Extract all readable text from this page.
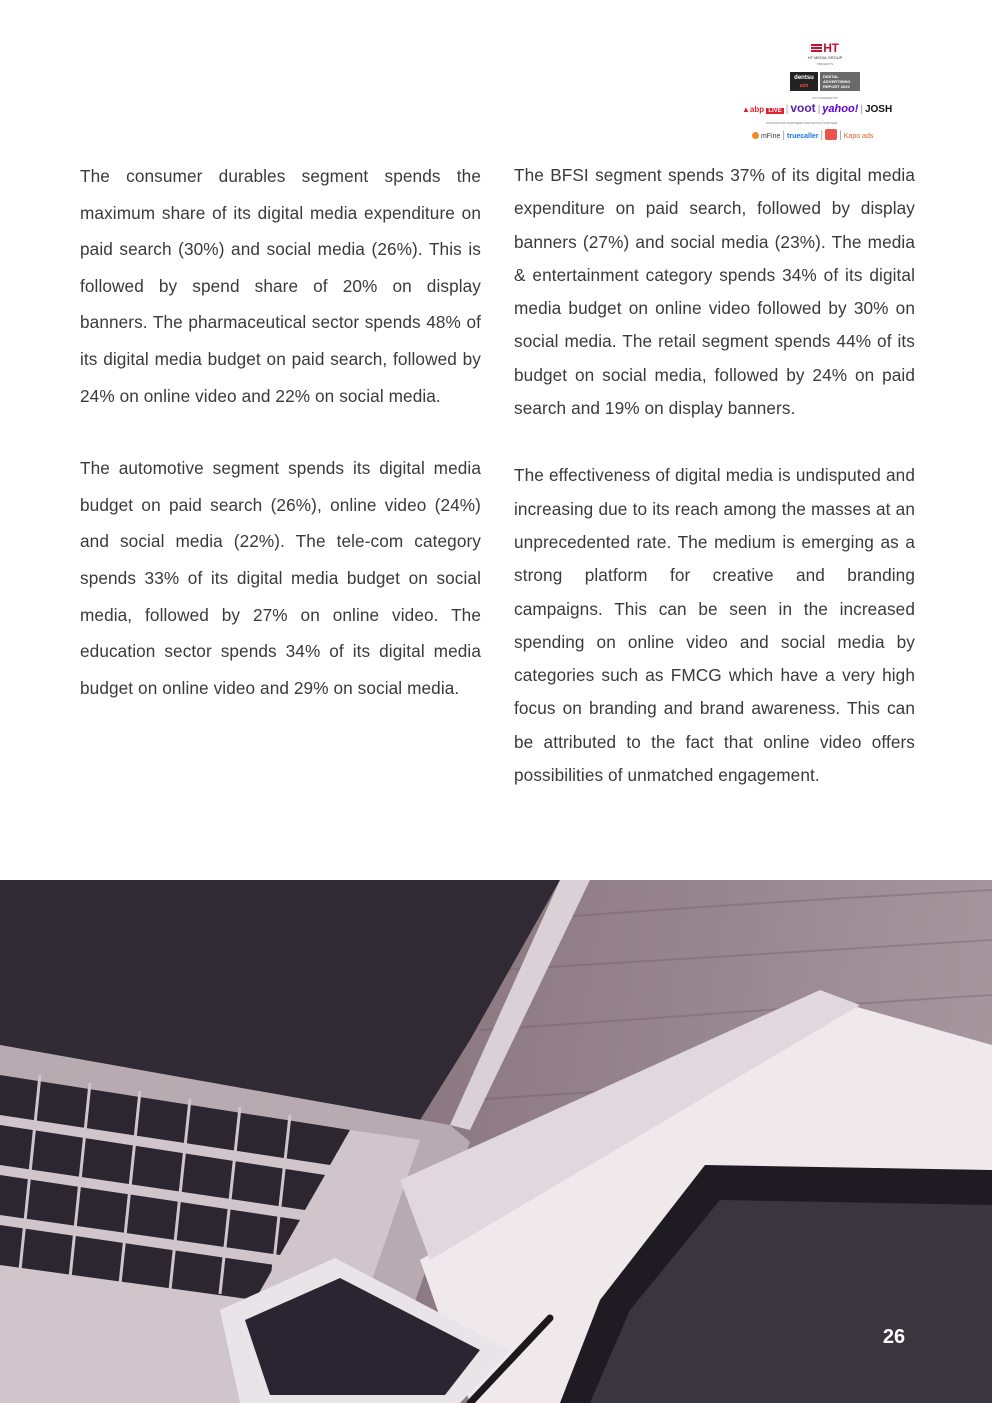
HT
HT MEDIA GROUP
PRESENTS
dentsu
aim
DIGITAL ADVERTISING REPORT 2022
CO-POWERED BY
▲abp LIVE | voot | yahoo! | JOSH
ASSOCIATION PARTNERS INNOVATION PARTNER
mFine | truecaller | | Kapo ads

The consumer durables segment spends the maximum share of its digital media expenditure on paid search (30%) and social media (26%). This is followed by spend share of 20% on display banners. The pharmaceutical sector spends 48% of its digital media budget on paid search, followed by 24% on online video and 22% on social media.

The automotive segment spends its digital media budget on paid search (26%), online video (24%) and social media (22%). The tele-com category spends 33% of its digital media budget on social media, followed by 27% on online video. The education sector spends 34% of its digital media budget on online video and 29% on social media.

The BFSI segment spends 37% of its digital media expenditure on paid search, followed by display banners (27%) and social media (23%). The media & entertainment category spends 34% of its digital media budget on online video followed by 30% on social media. The retail segment spends 44% of its budget on social media, followed by 24% on paid search and 19% on display banners.

The effectiveness of digital media is undisputed and increasing due to its reach among the masses at an unprecedented rate. The medium is emerging as a strong platform for creative and branding campaigns. This can be seen in the increased spending on online video and social media by categories such as FMCG which have a very high focus on branding and brand awareness. This can be attributed to the fact that online video offers possibilities of unmatched engagement.

26
